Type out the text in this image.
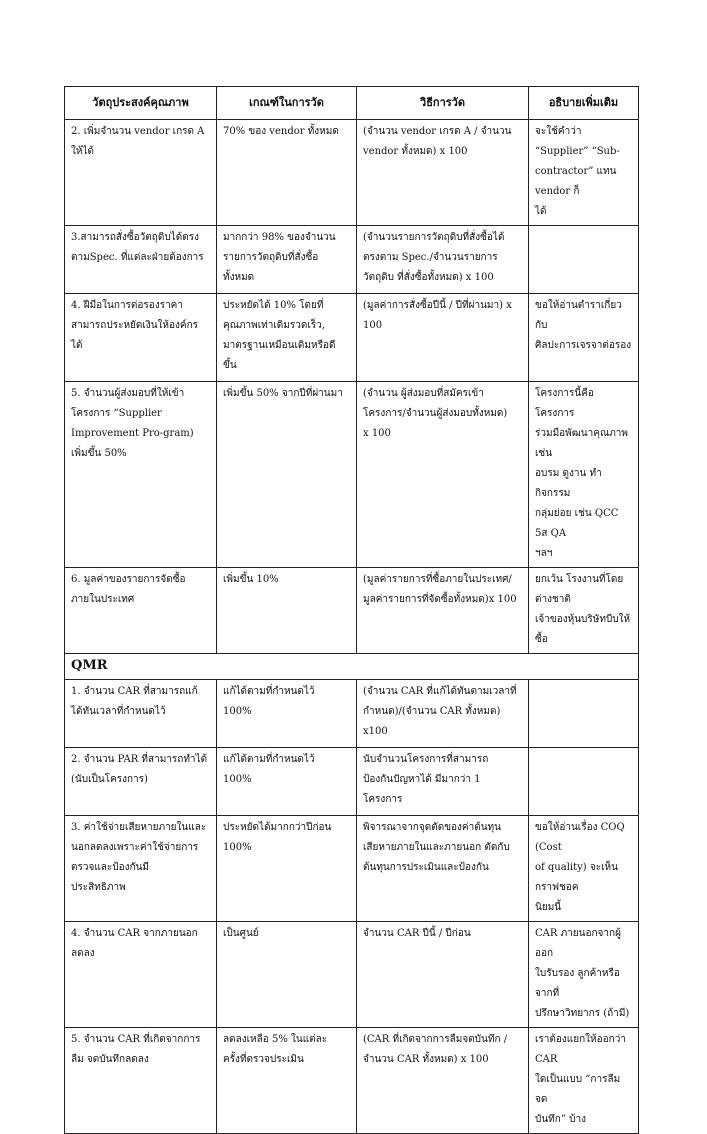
วัตถุประสงค์คุณภาพ	เกณฑ์ในการวัด	วิธีการวัด	อธิบายเพิ่มเติม

2. เพิ่มจำนวน vendor เกรด A
ให้ได้	70% ของ vendor ทั้งหมด	(จำนวน vendor เกรด A / จำนวน
vendor ทั้งหมด) x 100	จะใช้คำว่า “Supplier” “Sub-
contractor” แทน vendor ก็
ได้

3.สามารถสั่งซื้อวัตถุดิบได้ตรง
ตามSpec. ที่แต่ละฝ่ายต้องการ	มากกว่า 98% ของจำนวน
รายการวัตถุดิบที่สั่งซื้อ
ทั้งหมด	(จำนวนรายการวัตถุดิบที่สั่งซื้อได้
ตรงตาม Spec./จำนวนรายการ
วัตถุดิบ ที่สั่งซื้อทั้งหมด) x 100	

4. ฝีมือในการต่อรองราคา
สามารถประหยัดเงินให้องค์กร
ได้	ประหยัดได้ 10% โดยที่
คุณภาพเท่าเดิมรวดเร็ว,
มาตรฐานเหมือนเดิมหรือดี
ขึ้น	(มูลค่าการสั่งซื้อปีนี้ / ปีที่ผ่านมา) x
100	ขอให้อ่านตำราเกี่ยวกับ
ศิลปะการเจรจาต่อรอง

5. จำนวนผู้ส่งมอบที่ให้เข้า
โครงการ “Supplier
Improvement Pro-gram)
เพิ่มขึ้น 50%	เพิ่มขึ้น 50% จากปีที่ผ่านมา	(จำนวน ผู้ส่งมอบที่สมัครเข้า
โครงการ/จำนวนผู้ส่งมอบทั้งหมด)
x 100	โครงการนี้คือ โครงการ
ร่วมมือพัฒนาคุณภาพ เช่น
อบรม ดูงาน ทำกิจกรรม
กลุ่มย่อย เช่น QCC 5ส QA
ฯลฯ

6. มูลค่าของรายการจัดซื้อ
ภายในประเทศ	เพิ่มขึ้น 10%	(มูลค่ารายการที่ซื้อภายในประเทศ/
มูลค่ารายการที่จัดซื้อทั้งหมด)x 100	ยกเว้น โรงงานที่โดยต่างชาติ
เจ้าของหุ้นบริษัทบีบให้ซื้อ

QMR			

1. จำนวน CAR ที่สามารถแก้
ได้ทันเวลาที่กำหนดไว้	แก้ได้ตามที่กำหนดไว้
100%	(จำนวน CAR ที่แก้ได้ทันตามเวลาที่
กำหนด)/(จำนวน CAR ทั้งหมด)
x100	

2. จำนวน PAR ที่สามารถทำได้
(นับเป็นโครงการ)	แก้ได้ตามที่กำหนดไว้
100%	นับจำนวนโครงการที่สามารถ
ป้องกันปัญหาได้ มีมากว่า 1
โครงการ	

3. ค่าใช้จ่ายเสียหายภายในและ
นอกลดลงเพราะค่าใช้จ่ายการ
ตรวจและป้องกันมี
ประสิทธิภาพ	ประหยัดได้มากกว่าปีก่อน
100%	พิจารณาจากจุดตัดของค่าต้นทุน
เสียหายภายในและภายนอก ตัดกับ
ต้นทุนการประเมินและป้องกัน	ขอให้อ่านเรื่อง COQ (Cost
of quality) จะเห็นกราฟชอค
นิยมนี้

4. จำนวน CAR จากภายนอก
ลดลง	เป็นศูนย์	จำนวน CAR ปีนี้ / ปีก่อน	CAR ภายนอกจากผู้ออก
ใบรับรอง ลูกค้าหรือจากที่
ปรึกษาวิทยากร (ถ้ามี)

5. จำนวน CAR ที่เกิดจากการ
ลืม จดบันทึกลดลง	ลดลงเหลือ 5% ในแต่ละ
ครั้งที่ตรวจประเมิน	(CAR ที่เกิดจากการลืมจดบันทึก /
จำนวน CAR ทั้งหมด) x 100	เราต้องแยกให้ออกว่า CAR
ใดเป็นแบบ “การลืมจด
บันทึก” บ้าง
